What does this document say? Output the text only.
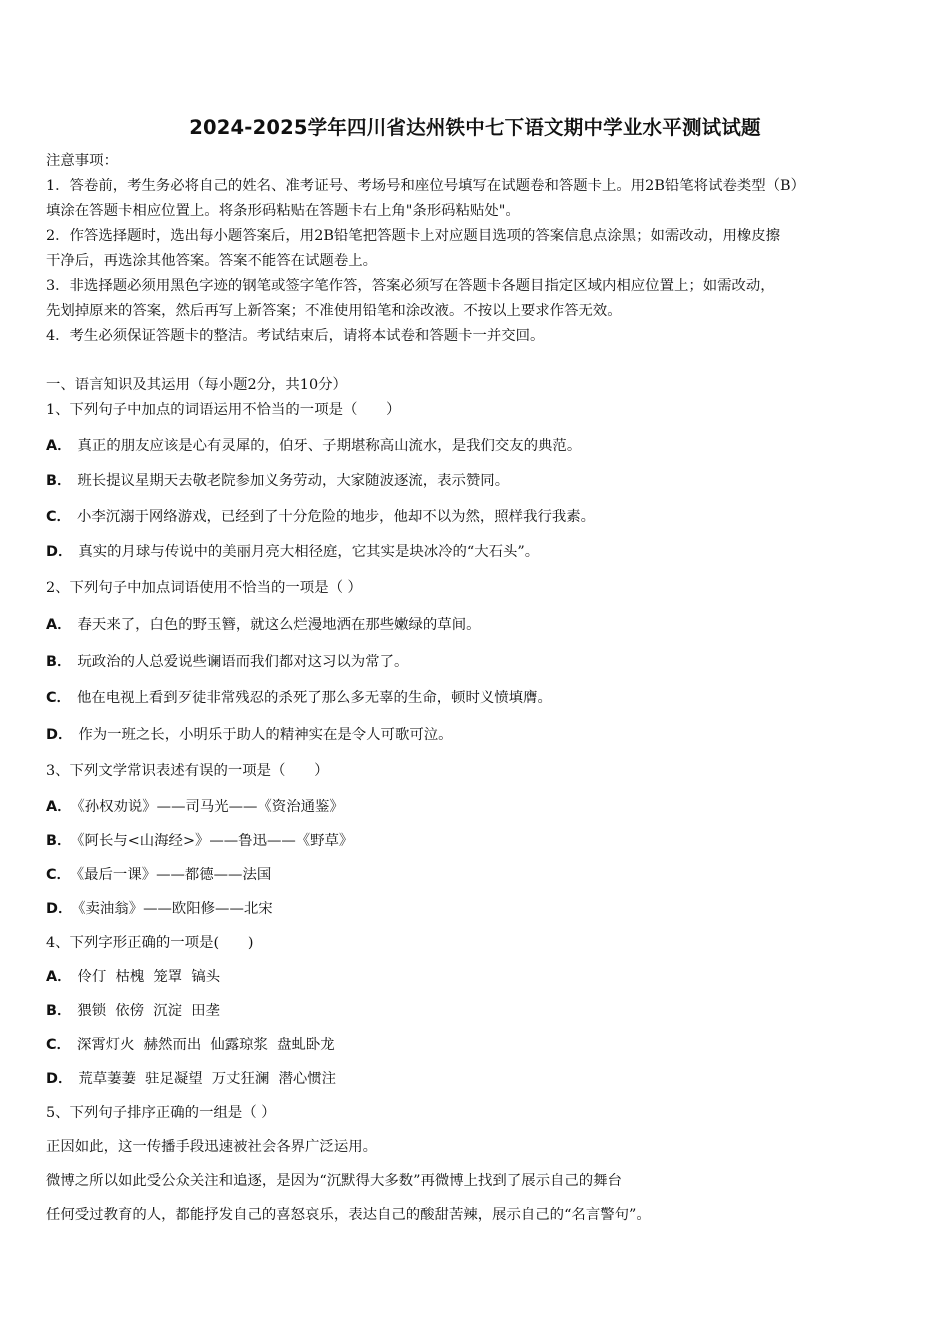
2024-2025学年四川省达州铁中七下语文期中学业水平测试试题
注意事项：
1．答卷前，考生务必将自己的姓名、准考证号、考场号和座位号填写在试题卷和答题卡上。用2B铅笔将试卷类型（B）
填涂在答题卡相应位置上。将条形码粘贴在答题卡右上角"条形码粘贴处"。
2．作答选择题时，选出每小题答案后，用2B铅笔把答题卡上对应题目选项的答案信息点涂黑；如需改动，用橡皮擦
干净后，再选涂其他答案。答案不能答在试题卷上。
3．非选择题必须用黑色字迹的钢笔或签字笔作答，答案必须写在答题卡各题目指定区域内相应位置上；如需改动，
先划掉原来的答案，然后再写上新答案；不准使用铅笔和涂改液。不按以上要求作答无效。
4．考生必须保证答题卡的整洁。考试结束后，请将本试卷和答题卡一并交回。
一、语言知识及其运用（每小题2分，共10分）
1、下列句子中加点的词语运用不恰当的一项是（　　）
A． 真正的朋友应该是心有灵犀的，伯牙、子期堪称高山流水，是我们交友的典范。
B． 班长提议星期天去敬老院参加义务劳动，大家随波逐流，表示赞同。
C． 小李沉溺于网络游戏，已经到了十分危险的地步，他却不以为然，照样我行我素。
D． 真实的月球与传说中的美丽月亮大相径庭，它其实是块冰冷的“大石头”。
2、下列句子中加点词语使用不恰当的一项是（ ）
A． 春天来了，白色的野玉簪，就这么烂漫地洒在那些嫩绿的草间。
B． 玩政治的人总爱说些谰语而我们都对这习以为常了。
C． 他在电视上看到歹徒非常残忍的杀死了那么多无辜的生命，顿时义愤填膺。
D． 作为一班之长，小明乐于助人的精神实在是令人可歌可泣。
3、下列文学常识表述有误的一项是（　　）
A． 《孙权劝说》——司马光——《资治通鉴》
B． 《阿长与<山海经>》——鲁迅——《野草》
C． 《最后一课》——都德——法国
D． 《卖油翁》——欧阳修——北宋
4、下列字形正确的一项是(　　)
A． 伶仃  枯槐  笼罩  镐头
B． 猥锁  依傍  沉淀  田垄
C． 深霄灯火  赫然而出  仙露琼浆  盘虬卧龙
D． 荒草萋萋  驻足凝望  万丈狂澜  潜心惯注
5、下列句子排序正确的一组是（ ）
正因如此，这一传播手段迅速被社会各界广泛运用。
微博之所以如此受公众关注和追逐，是因为“沉默得大多数”再微博上找到了展示自己的舞台
任何受过教育的人，都能抒发自己的喜怒哀乐，表达自己的酸甜苦辣，展示自己的“名言警句”。
